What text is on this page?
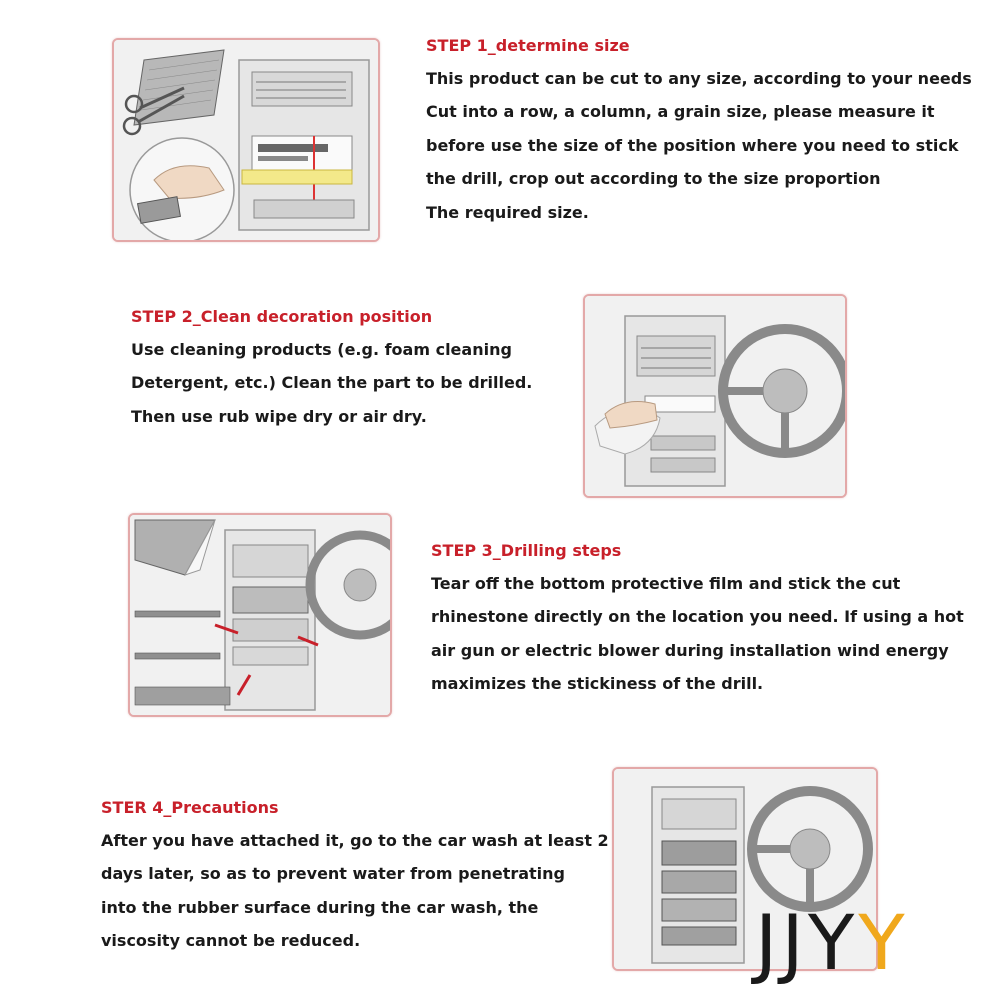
STEP 1_determine size

This product can be cut to any size, according to your needs
Cut into a row, a column, a grain size, please measure it
before use the size of the position where you need to stick
the drill, crop out according to the size proportion
The required size.

STEP 2_Clean decoration position

Use cleaning products (e.g. foam cleaning
Detergent, etc.) Clean the part to be drilled.
Then use rub wipe dry or air dry.

STEP 3_Drilling steps

Tear off the bottom protective film and stick the cut
rhinestone directly on the location you need. If using a hot
air gun or electric blower during installation wind energy
maximizes the stickiness of the drill.

STER 4_Precautions

After you have attached it, go to the car wash at least 2
days later, so as to prevent water from penetrating
into the rubber surface during the car wash, the
viscosity cannot be reduced.	JJYY
